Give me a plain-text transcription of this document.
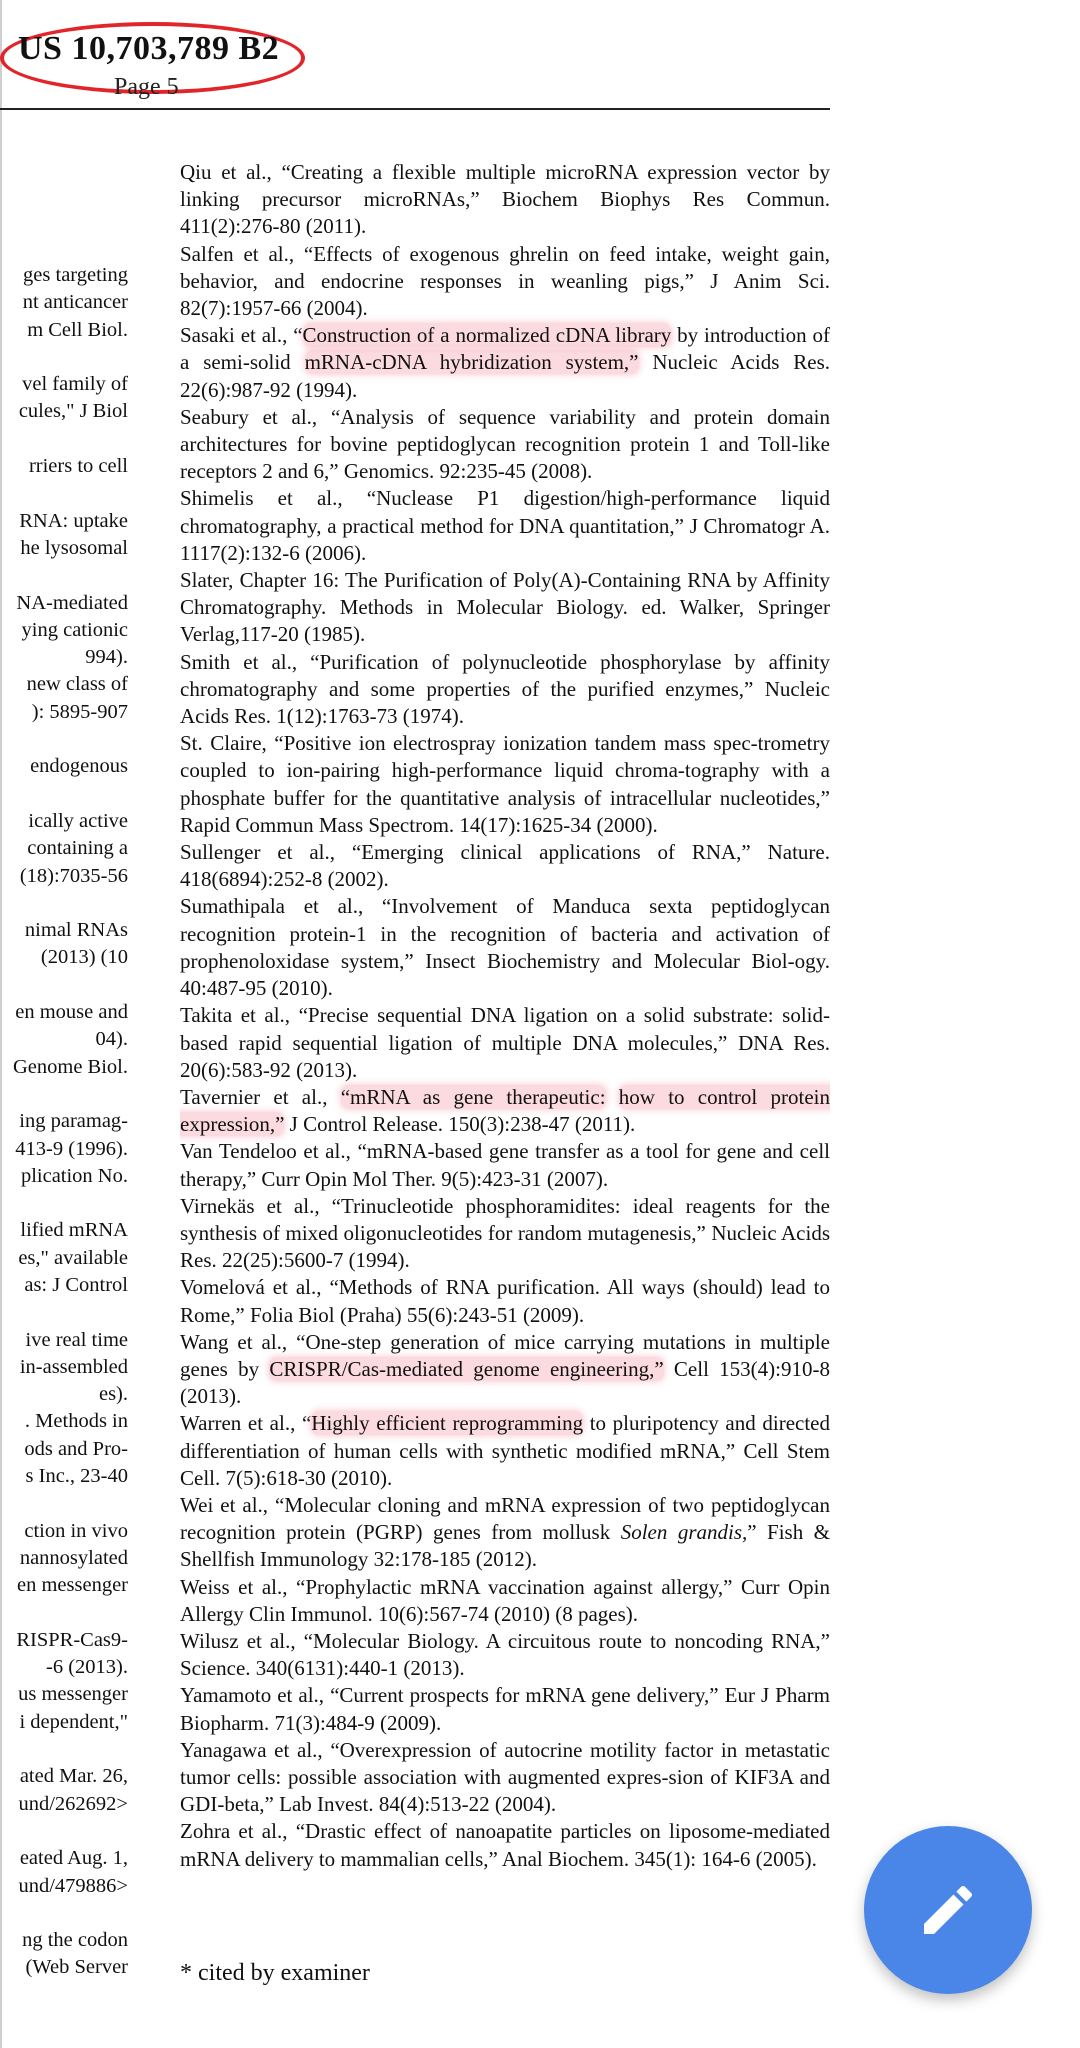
US 10,703,789 B2
Page 5
ges targeting
nt anticancer
m Cell Biol.
vel family of
cules," J Biol
rriers to cell
RNA: uptake
he lysosomal
NA-mediated
ying cationic
994).
new class of
): 5895-907
endogenous
ically active
containing a
(18):7035-56
nimal RNAs
(2013) (10
en mouse and
04).
Genome Biol.
ing paramag-
413-9 (1996).
plication No.
lified mRNA
es," available
as: J Control
ive real time
in-assembled
es).
. Methods in
ods and Pro-
s Inc., 23-40
ction in vivo
nannosylated
en messenger
RISPR-Cas9-
-6 (2013).
us messenger
i dependent,"
ated Mar. 26,
und/262692>
eated Aug. 1,
und/479886>
ng the codon
(Web Server

Qiu et al., “Creating a flexible multiple microRNA expression vector by linking precursor microRNAs,” Biochem Biophys Res Commun. 411(2):276-80 (2011).

Salfen et al., “Effects of exogenous ghrelin on feed intake, weight gain, behavior, and endocrine responses in weanling pigs,” J Anim Sci. 82(7):1957-66 (2004).

Sasaki et al., “Construction of a normalized cDNA library by introduction of a semi-solid mRNA-cDNA hybridization system,” Nucleic Acids Res. 22(6):987-92 (1994).

Seabury et al., “Analysis of sequence variability and protein domain architectures for bovine peptidoglycan recognition protein 1 and Toll-like receptors 2 and 6,” Genomics. 92:235-45 (2008).

Shimelis et al., “Nuclease P1 digestion/high-performance liquid chromatography, a practical method for DNA quantitation,” J Chromatogr A. 1117(2):132-6 (2006).

Slater, Chapter 16: The Purification of Poly(A)-Containing RNA by Affinity Chromatography. Methods in Molecular Biology. ed. Walker, Springer Verlag,117-20 (1985).

Smith et al., “Purification of polynucleotide phosphorylase by affinity chromatography and some properties of the purified enzymes,” Nucleic Acids Res. 1(12):1763-73 (1974).

St. Claire, “Positive ion electrospray ionization tandem mass spec-trometry coupled to ion-pairing high-performance liquid chroma-tography with a phosphate buffer for the quantitative analysis of intracellular nucleotides,” Rapid Commun Mass Spectrom. 14(17):1625-34 (2000).

Sullenger et al., “Emerging clinical applications of RNA,” Nature. 418(6894):252-8 (2002).

Sumathipala et al., “Involvement of Manduca sexta peptidoglycan recognition protein-1 in the recognition of bacteria and activation of prophenoloxidase system,” Insect Biochemistry and Molecular Biol-ogy. 40:487-95 (2010).

Takita et al., “Precise sequential DNA ligation on a solid substrate: solid-based rapid sequential ligation of multiple DNA molecules,” DNA Res. 20(6):583-92 (2013).

Tavernier et al., “mRNA as gene therapeutic: how to control protein expression,” J Control Release. 150(3):238-47 (2011).

Van Tendeloo et al., “mRNA-based gene transfer as a tool for gene and cell therapy,” Curr Opin Mol Ther. 9(5):423-31 (2007).

Virnekäs et al., “Trinucleotide phosphoramidites: ideal reagents for the synthesis of mixed oligonucleotides for random mutagenesis,” Nucleic Acids Res. 22(25):5600-7 (1994).

Vomelová et al., “Methods of RNA purification. All ways (should) lead to Rome,” Folia Biol (Praha) 55(6):243-51 (2009).

Wang et al., “One-step generation of mice carrying mutations in multiple genes by CRISPR/Cas-mediated genome engineering,” Cell 153(4):910-8 (2013).

Warren et al., “Highly efficient reprogramming to pluripotency and directed differentiation of human cells with synthetic modified mRNA,” Cell Stem Cell. 7(5):618-30 (2010).

Wei et al., “Molecular cloning and mRNA expression of two peptidoglycan recognition protein (PGRP) genes from mollusk Solen grandis,” Fish & Shellfish Immunology 32:178-185 (2012).

Weiss et al., “Prophylactic mRNA vaccination against allergy,” Curr Opin Allergy Clin Immunol. 10(6):567-74 (2010) (8 pages).

Wilusz et al., “Molecular Biology. A circuitous route to noncoding RNA,” Science. 340(6131):440-1 (2013).

Yamamoto et al., “Current prospects for mRNA gene delivery,” Eur J Pharm Biopharm. 71(3):484-9 (2009).

Yanagawa et al., “Overexpression of autocrine motility factor in metastatic tumor cells: possible association with augmented expres-sion of KIF3A and GDI-beta,” Lab Invest. 84(4):513-22 (2004).

Zohra et al., “Drastic effect of nanoapatite particles on liposome-mediated mRNA delivery to mammalian cells,” Anal Biochem. 345(1): 164-6 (2005).

* cited by examiner
